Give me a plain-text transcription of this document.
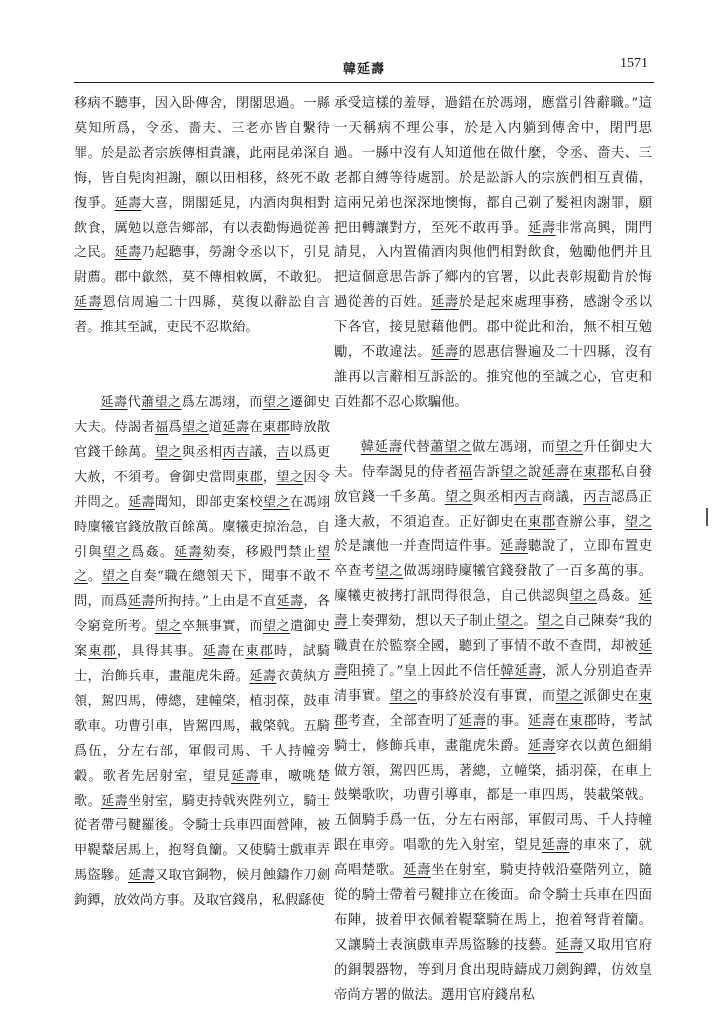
韓延壽	1571

移病不聽事，因入卧傳舍，閉閣思過。一縣莫知所爲，令丞、嗇夫、三老亦皆自繫待罪。於是訟者宗族傳相責讓，此兩昆弟深自悔，皆自髡肉袒謝，願以田相移，終死不敢復爭。延壽大喜，開閣延見，内酒肉與相對飲食，厲勉以意告鄉部，有以表勸悔過從善之民。延壽乃起聽事，勞謝令丞以下，引見尉薦。郡中歙然，莫不傳相敕厲，不敢犯。延壽恩信周遍二十四縣，莫復以辭訟自言者。推其至誠，吏民不忍欺紿。

延壽代蕭望之爲左馮翊，而望之遷御史大夫。侍謁者福爲望之道延壽在東郡時放散官錢千餘萬。望之與丞相丙吉議，吉以爲更大赦，不須考。會御史當問東郡，望之因令并問之。延壽聞知，即部吏案校望之在馮翊時廩犧官錢放散百餘萬。廩犧吏掠治急，自引與望之爲姦。延壽劾奏，移殿門禁止望之。望之自奏“職在總領天下，聞事不敢不問，而爲延壽所拘持。”上由是不直延壽，各令窮竟所考。望之卒無事實，而望之遣御史案東郡，具得其事。延壽在東郡時，試騎士，治飾兵車，畫龍虎朱爵。延壽衣黄紈方領，駕四馬，傅總，建幢棨，植羽葆，鼓車歌車。功曹引車，皆駕四馬，載棨戟。五騎爲伍，分左右部，軍假司馬、千人持幢旁轂。歌者先居射室，望見延壽車，噭咷楚歌。延壽坐射室，騎吏持戟夾陛列立，騎士從者帶弓鞬羅後。令騎士兵車四面營陣，被甲鞮鞪居馬上，抱弩負籣。又使騎士戲車弄馬盜驂。延壽又取官銅物，候月蝕鑄作刀劍鉤鐔，放效尚方事。及取官錢帛，私假繇使

承受這樣的羞辱，過錯在於馮翊，應當引咎辭職。”這一天稱病不理公事，於是入内躺到傳舍中，閉門思過。一縣中沒有人知道他在做什麼，令丞、嗇夫、三老都自縛等待處罰。於是訟訴人的宗族們相互責備，這兩兄弟也深深地懊悔，都自己剃了髮袒肉謝罪，願把田轉讓對方，至死不敢再爭。延壽非常高興，開門請見，入内置備酒肉與他們相對飲食，勉勵他們并且把這個意思告訴了鄉内的官署，以此表彰規勸肯於悔過從善的百姓。延壽於是起來處理事務，感謝令丞以下各官，接見慰藉他們。郡中從此和治，無不相互勉勵，不敢違法。延壽的恩惠信譽遍及二十四縣，沒有誰再以言辭相互訴訟的。推究他的至誠之心，官吏和百姓都不忍心欺騙他。

韓延壽代替蕭望之做左馮翊，而望之升任御史大夫。侍奉謁見的侍者福告訴望之說延壽在東郡私自發放官錢一千多萬。望之與丞相丙吉商議，丙吉認爲正逢大赦，不須追查。正好御史在東郡查辦公事，望之於是讓他一并查問這件事。延壽聽說了，立即布置吏卒查考望之做馮翊時廩犧官錢發散了一百多萬的事。廩犧吏被拷打訊問得很急，自己供認與望之爲姦。延壽上奏彈劾，想以天子制止望之。望之自己陳奏“我的職責在於監察全國，聽到了事情不敢不查問，却被延壽阻撓了。”皇上因此不信任韓延壽，派人分别追查弄清事實。望之的事終於沒有事實，而望之派御史在東郡考查，全部查明了延壽的事。延壽在東郡時，考試騎士，修飾兵車，畫龍虎朱爵。延壽穿衣以黄色細絹做方領，駕四匹馬，著總，立幢棨，插羽葆，在車上鼓樂歌吹，功曹引導車，都是一車四馬，裝載棨戟。五個騎手爲一伍，分左右兩部，軍假司馬、千人持幢跟在車旁。唱歌的先入射室，望見延壽的車來了，就高唱楚歌。延壽坐在射室，騎吏持戟沿臺階列立，隨從的騎士帶着弓鞬排立在後面。命令騎士兵車在四面布陣，披着甲衣佩着鞮鞪騎在馬上，抱着弩背着籣。又讓騎士表演戲車弄馬盜驂的技藝。延壽又取用官府的銅製器物，等到月食出現時鑄成刀劍鉤鐔，仿效皇帝尚方署的做法。選用官府錢帛私
